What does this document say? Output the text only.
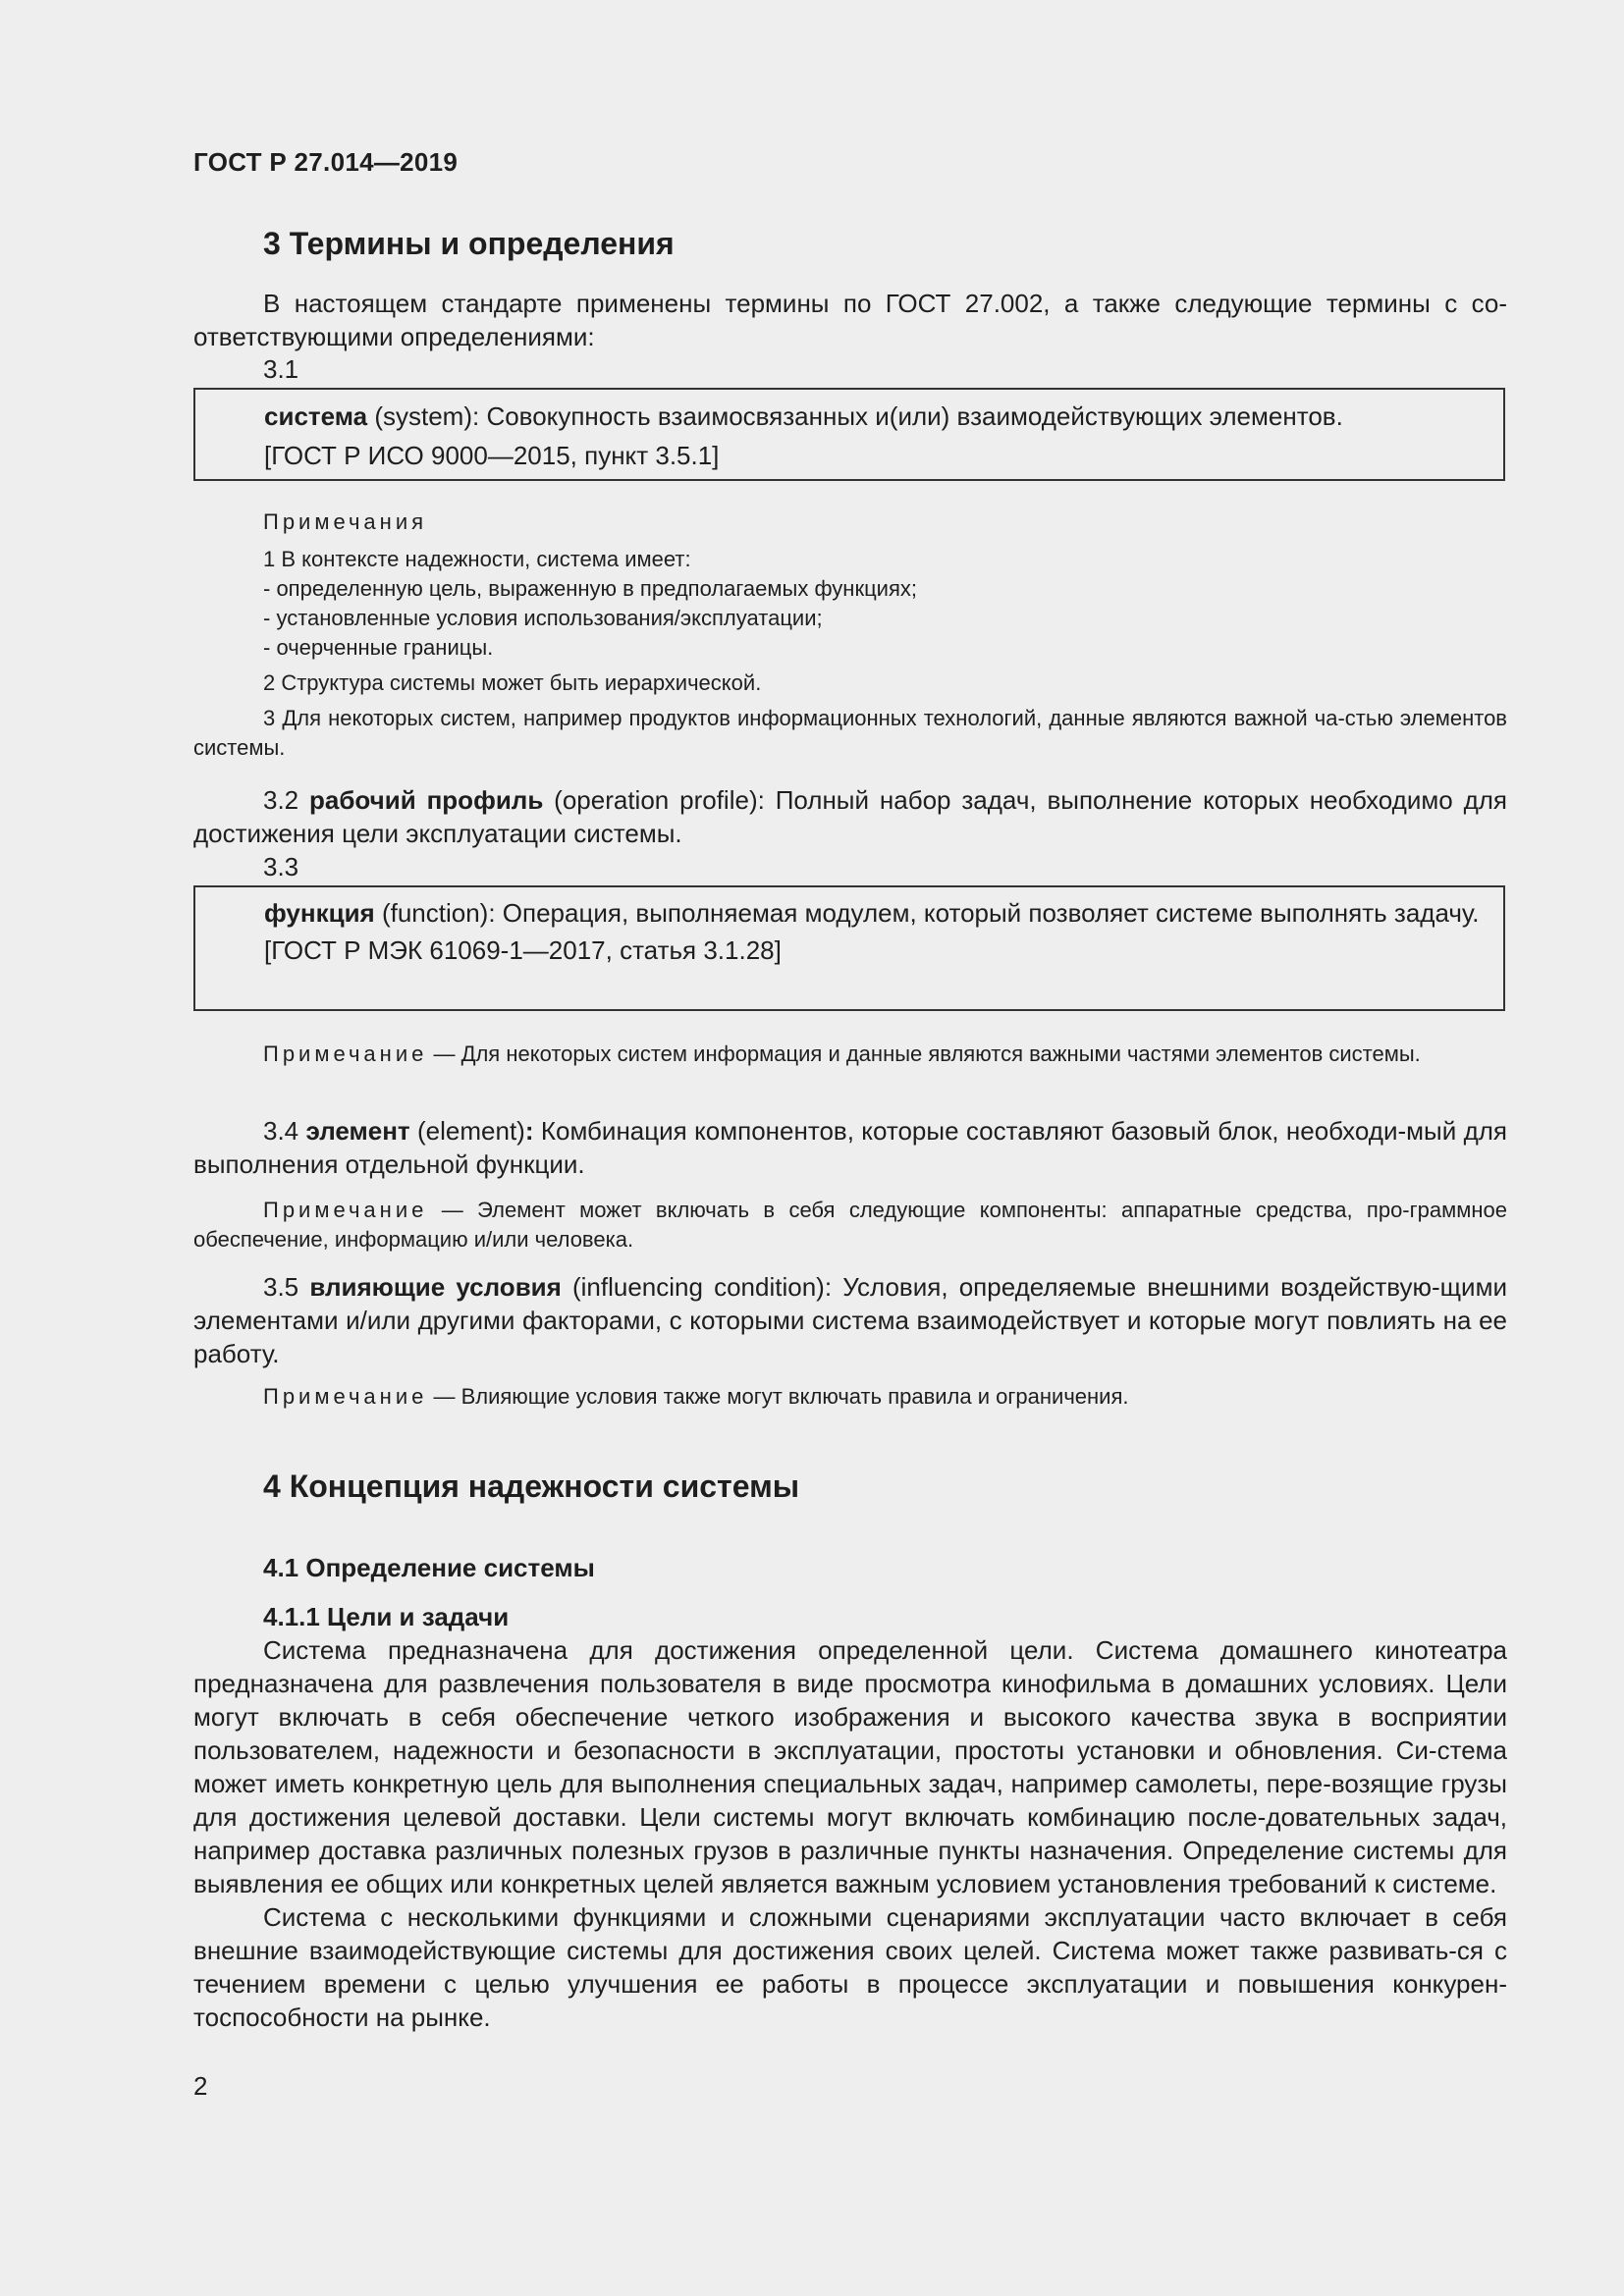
ГОСТ Р 27.014—2019
3 Термины и определения

В настоящем стандарте применены термины по ГОСТ 27.002, а также следующие термины с со-ответствующими определениями:

3.1

система (system): Совокупность взаимосвязанных и(или) взаимодействующих элементов.

[ГОСТ Р ИСО 9000—2015, пункт 3.5.1]

Примечания

1 В контексте надежности, система имеет:

- определенную цель, выраженную в предполагаемых функциях;

- установленные условия использования/эксплуатации;

- очерченные границы.

2 Структура системы может быть иерархической.

3 Для некоторых систем, например продуктов информационных технологий, данные являются важной ча-стью элементов системы.

3.2 рабочий профиль (operation profile): Полный набор задач, выполнение которых необходимо для достижения цели эксплуатации системы.

3.3

функция (function): Операция, выполняемая модулем, который позволяет системе выполнять задачу.

[ГОСТ Р МЭК 61069-1—2017, статья 3.1.28]

Примечание — Для некоторых систем информация и данные являются важными частями элементов системы.

3.4 элемент (element): Комбинация компонентов, которые составляют базовый блок, необходи-мый для выполнения отдельной функции.

Примечание — Элемент может включать в себя следующие компоненты: аппаратные средства, про-граммное обеспечение, информацию и/или человека.

3.5 влияющие условия (influencing condition): Условия, определяемые внешними воздействую-щими элементами и/или другими факторами, с которыми система взаимодействует и которые могут повлиять на ее работу.

Примечание — Влияющие условия также могут включать правила и ограничения.

4 Концепция надежности системы
4.1 Определение системы
4.1.1 Цели и задачи

Система предназначена для достижения определенной цели. Система домашнего кинотеатра предназначена для развлечения пользователя в виде просмотра кинофильма в домашних условиях. Цели могут включать в себя обеспечение четкого изображения и высокого качества звука в восприятии пользователем, надежности и безопасности в эксплуатации, простоты установки и обновления. Си-стема может иметь конкретную цель для выполнения специальных задач, например самолеты, пере-возящие грузы для достижения целевой доставки. Цели системы могут включать комбинацию после-довательных задач, например доставка различных полезных грузов в различные пункты назначения. Определение системы для выявления ее общих или конкретных целей является важным условием установления требований к системе.

Система с несколькими функциями и сложными сценариями эксплуатации часто включает в себя внешние взаимодействующие системы для достижения своих целей. Система может также развивать-ся с течением времени с целью улучшения ее работы в процессе эксплуатации и повышения конкурен-тоспособности на рынке.

2
